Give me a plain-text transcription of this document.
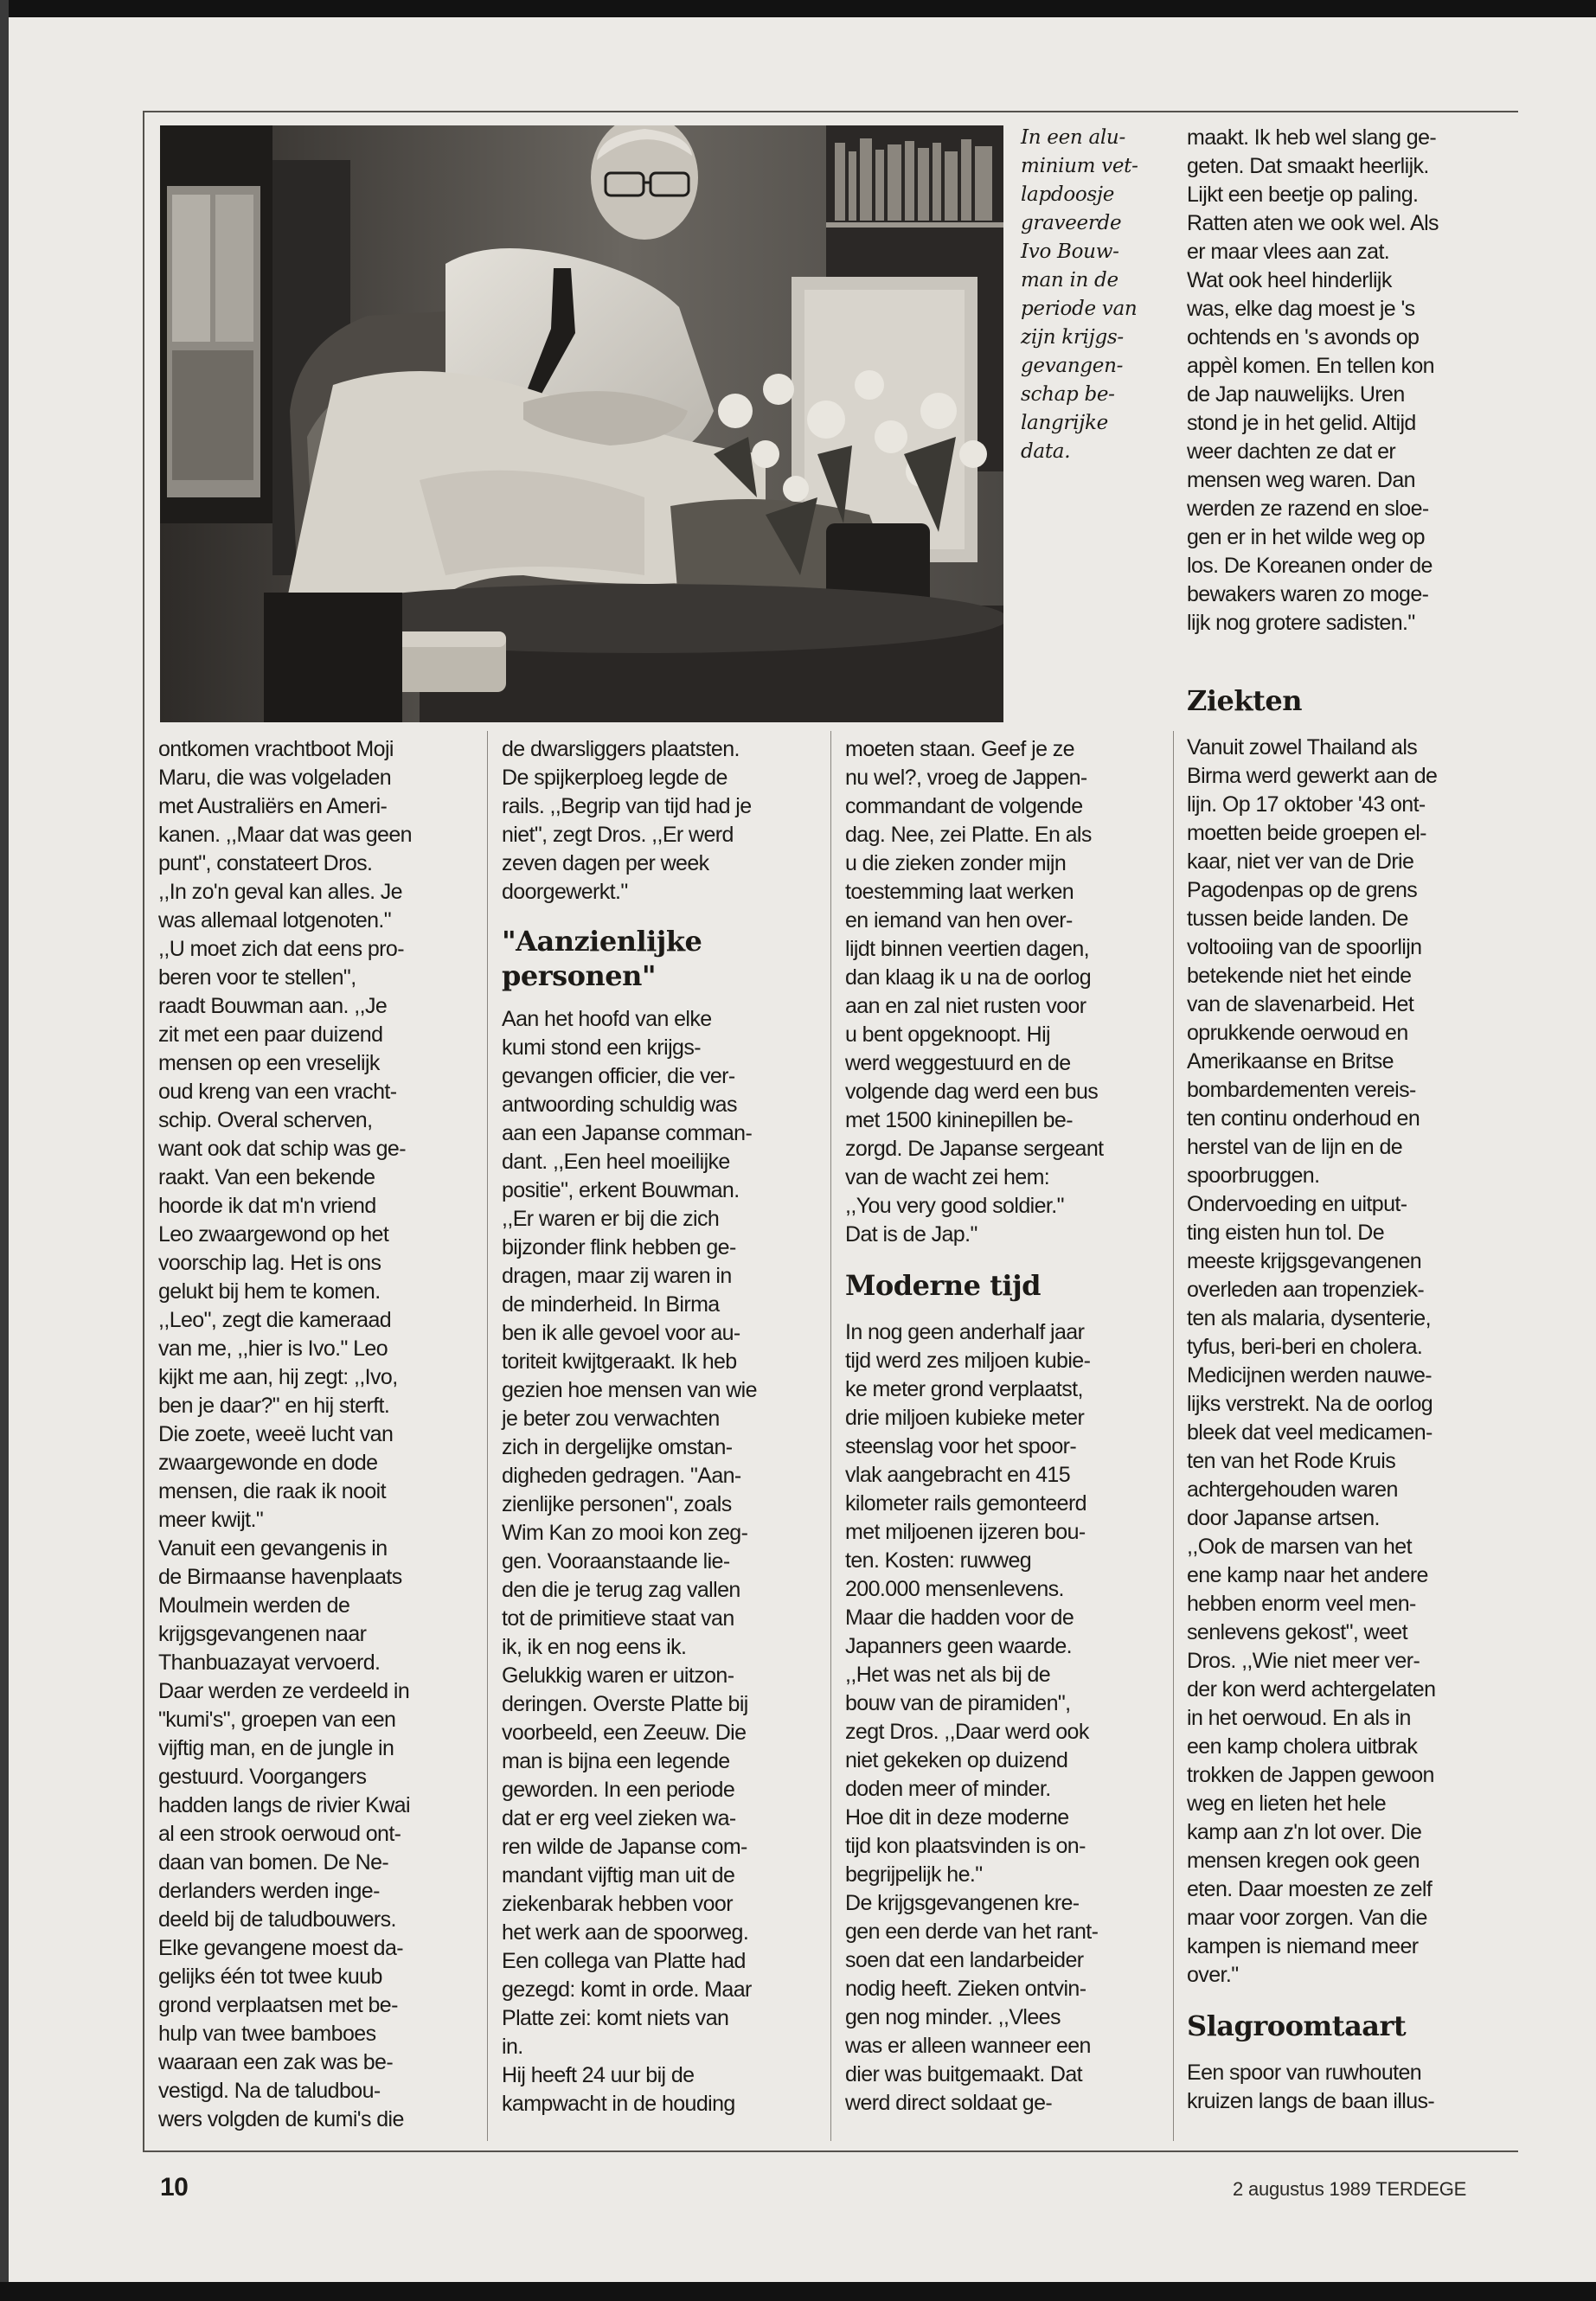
In een alu-
minium vet-
lapdoosje
graveerde
Ivo Bouw-
man in de
periode van
zijn krijgs-
gevangen-
schap be-
langrijke
data.

maakt. Ik heb wel slang ge-
geten. Dat smaakt heerlijk.
Lijkt een beetje op paling.
Ratten aten we ook wel. Als
er maar vlees aan zat.
Wat ook heel hinderlijk
was, elke dag moest je 's
ochtends en 's avonds op
appèl komen. En tellen kon
de Jap nauwelijks. Uren
stond je in het gelid. Altijd
weer dachten ze dat er
mensen weg waren. Dan
werden ze razend en sloe-
gen er in het wilde weg op
los. De Koreanen onder de
bewakers waren zo moge-
lijk nog grotere sadisten."

ontkomen vrachtboot Moji
Maru, die was volgeladen
met Australiërs en Ameri-
kanen. ,,Maar dat was geen
punt", constateert Dros.
,,In zo'n geval kan alles. Je
was allemaal lotgenoten."
,,U moet zich dat eens pro-
beren voor te stellen",
raadt Bouwman aan. ,,Je
zit met een paar duizend
mensen op een vreselijk
oud kreng van een vracht-
schip. Overal scherven,
want ook dat schip was ge-
raakt. Van een bekende
hoorde ik dat m'n vriend
Leo zwaargewond op het
voorschip lag. Het is ons
gelukt bij hem te komen.
,,Leo", zegt die kameraad
van me, ,,hier is Ivo." Leo
kijkt me aan, hij zegt: ,,Ivo,
ben je daar?" en hij sterft.
Die zoete, weeë lucht van
zwaargewonde en dode
mensen, die raak ik nooit
meer kwijt."
Vanuit een gevangenis in
de Birmaanse havenplaats
Moulmein werden de
krijgsgevangenen naar
Thanbuazayat vervoerd.
Daar werden ze verdeeld in
"kumi's", groepen van een
vijftig man, en de jungle in
gestuurd. Voorgangers
hadden langs de rivier Kwai
al een strook oerwoud ont-
daan van bomen. De Ne-
derlanders werden inge-
deeld bij de taludbouwers.
Elke gevangene moest da-
gelijks één tot twee kuub
grond verplaatsen met be-
hulp van twee bamboes
waaraan een zak was be-
vestigd. Na de taludbou-
wers volgden de kumi's die

de dwarsliggers plaatsten.
De spijkerploeg legde de
rails. ,,Begrip van tijd had je
niet", zegt Dros. ,,Er werd
zeven dagen per week
doorgewerkt."

"Aanzienlijke
personen"

Aan het hoofd van elke
kumi stond een krijgs-
gevangen officier, die ver-
antwoording schuldig was
aan een Japanse comman-
dant. ,,Een heel moeilijke
positie", erkent Bouwman.
,,Er waren er bij die zich
bijzonder flink hebben ge-
dragen, maar zij waren in
de minderheid. In Birma
ben ik alle gevoel voor au-
toriteit kwijtgeraakt. Ik heb
gezien hoe mensen van wie
je beter zou verwachten
zich in dergelijke omstan-
digheden gedragen. "Aan-
zienlijke personen", zoals
Wim Kan zo mooi kon zeg-
gen. Vooraanstaande lie-
den die je terug zag vallen
tot de primitieve staat van
ik, ik en nog eens ik.
Gelukkig waren er uitzon-
deringen. Overste Platte bij
voorbeeld, een Zeeuw. Die
man is bijna een legende
geworden. In een periode
dat er erg veel zieken wa-
ren wilde de Japanse com-
mandant vijftig man uit de
ziekenbarak hebben voor
het werk aan de spoorweg.
Een collega van Platte had
gezegd: komt in orde. Maar
Platte zei: komt niets van
in.
Hij heeft 24 uur bij de
kampwacht in de houding

moeten staan. Geef je ze
nu wel?, vroeg de Jappen-
commandant de volgende
dag. Nee, zei Platte. En als
u die zieken zonder mijn
toestemming laat werken
en iemand van hen over-
lijdt binnen veertien dagen,
dan klaag ik u na de oorlog
aan en zal niet rusten voor
u bent opgeknoopt. Hij
werd weggestuurd en de
volgende dag werd een bus
met 1500 kininepillen be-
zorgd. De Japanse sergeant
van de wacht zei hem:
,,You very good soldier."
Dat is de Jap."

Moderne tijd

In nog geen anderhalf jaar
tijd werd zes miljoen kubie-
ke meter grond verplaatst,
drie miljoen kubieke meter
steenslag voor het spoor-
vlak aangebracht en 415
kilometer rails gemonteerd
met miljoenen ijzeren bou-
ten. Kosten: ruwweg
200.000 mensenlevens.
Maar die hadden voor de
Japanners geen waarde.
,,Het was net als bij de
bouw van de piramiden",
zegt Dros. ,,Daar werd ook
niet gekeken op duizend
doden meer of minder.
Hoe dit in deze moderne
tijd kon plaatsvinden is on-
begrijpelijk he."
De krijgsgevangenen kre-
gen een derde van het rant-
soen dat een landarbeider
nodig heeft. Zieken ontvin-
gen nog minder. ,,Vlees
was er alleen wanneer een
dier was buitgemaakt. Dat
werd direct soldaat ge-

Ziekten

Vanuit zowel Thailand als
Birma werd gewerkt aan de
lijn. Op 17 oktober '43 ont-
moetten beide groepen el-
kaar, niet ver van de Drie
Pagodenpas op de grens
tussen beide landen. De
voltooiing van de spoorlijn
betekende niet het einde
van de slavenarbeid. Het
oprukkende oerwoud en
Amerikaanse en Britse
bombardementen vereis-
ten continu onderhoud en
herstel van de lijn en de
spoorbruggen.
Ondervoeding en uitput-
ting eisten hun tol. De
meeste krijgsgevangenen
overleden aan tropenziek-
ten als malaria, dysenterie,
tyfus, beri-beri en cholera.
Medicijnen werden nauwe-
lijks verstrekt. Na de oorlog
bleek dat veel medicamen-
ten van het Rode Kruis
achtergehouden waren
door Japanse artsen.
,,Ook de marsen van het
ene kamp naar het andere
hebben enorm veel men-
senlevens gekost", weet
Dros. ,,Wie niet meer ver-
der kon werd achtergelaten
in het oerwoud. En als in
een kamp cholera uitbrak
trokken de Jappen gewoon
weg en lieten het hele
kamp aan z'n lot over. Die
mensen kregen ook geen
eten. Daar moesten ze zelf
maar voor zorgen. Van die
kampen is niemand meer
over."

Slagroomtaart

Een spoor van ruwhouten
kruizen langs de baan illus-

10	2 augustus 1989 TERDEGE
